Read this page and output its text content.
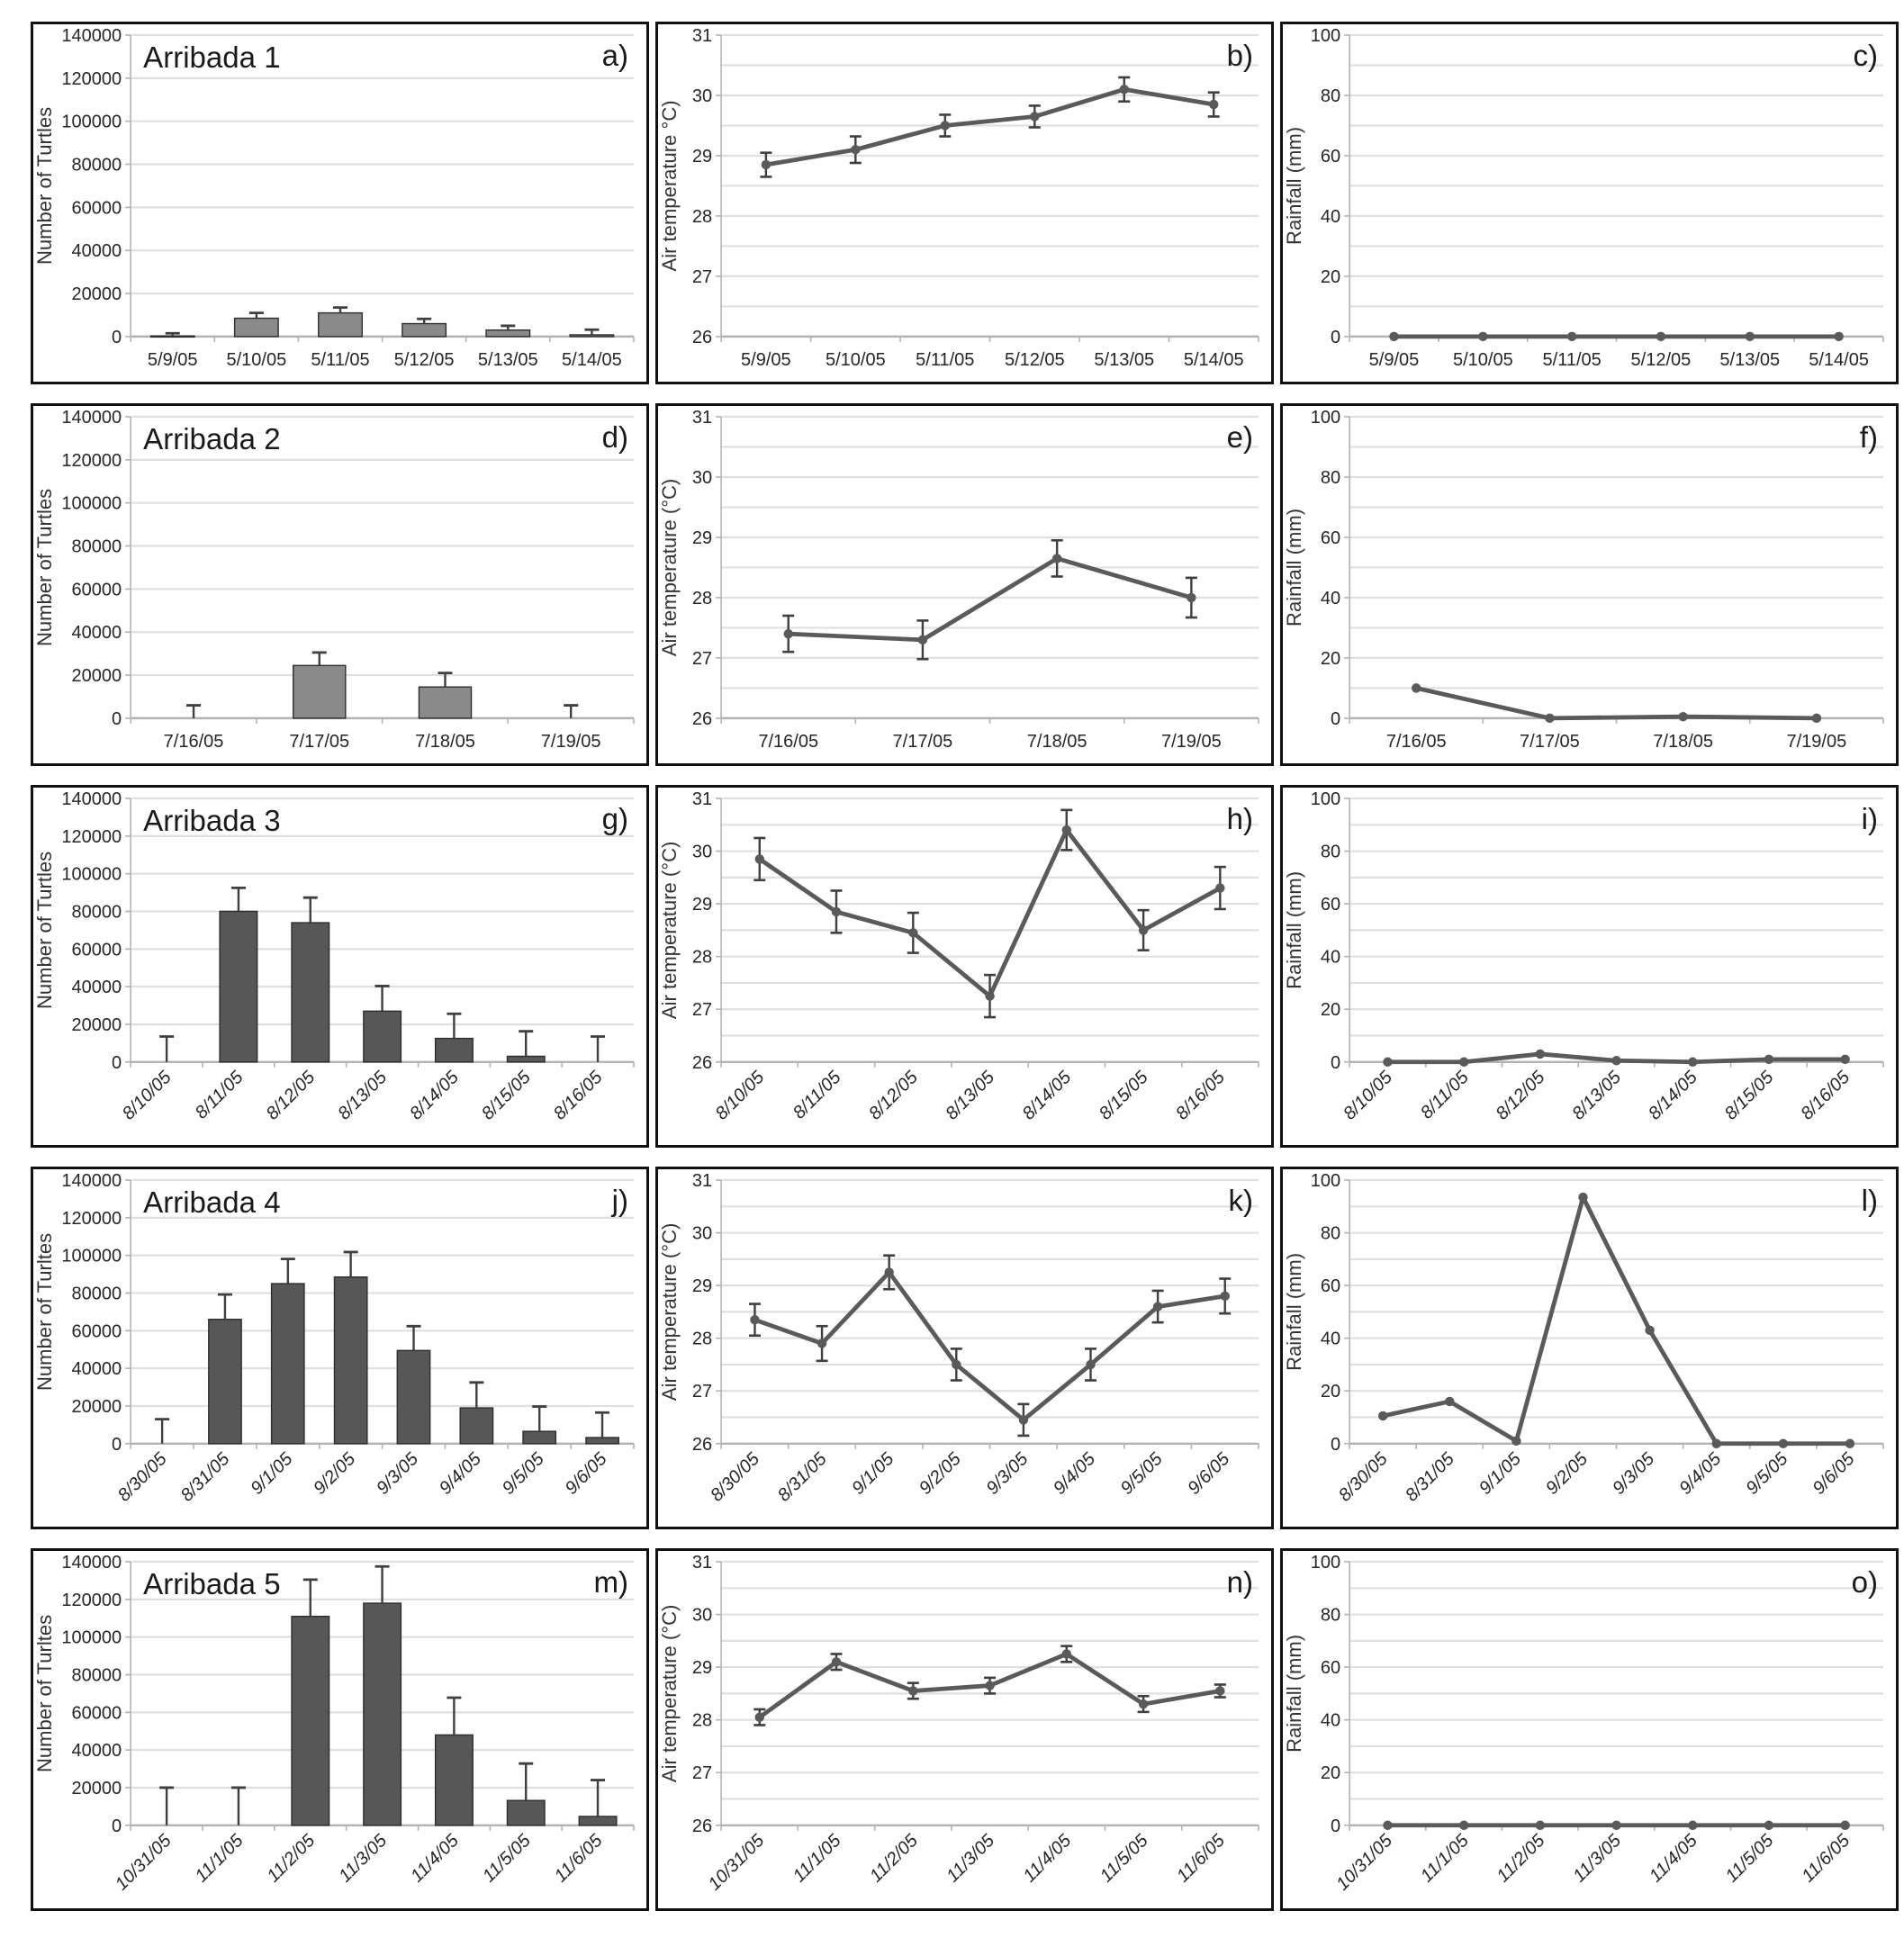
0
20000
40000
60000
80000
100000
120000
140000
5/9/05 5/10/05 5/11/05 5/12/05 5/13/05 5/14/05
Number of Turtles
Arribada 1	a)
26
27
28
29
30
31
5/9/05 5/10/05 5/11/05 5/12/05 5/13/05 5/14/05
Air temperature °C)
b)
0
20
40
60
80
100
5/9/05 5/10/05 5/11/05 5/12/05 5/13/05 5/14/05
Rainfall (mm)
c)
0
20000
40000
60000
80000
100000
120000
140000
7/16/05	7/17/05	7/18/05	7/19/05
Number of Turtles
Arribada 2	d)
26
27
28
29
30
31
7/16/05	7/17/05	7/18/05	7/19/05
Air temperature (°C)
e)
0
20
40
60
80
100
7/16/05	7/17/05	7/18/05	7/19/05
Rainfall (mm)
f)
0
20000
40000
60000
80000
100000
120000
140000
8/10/05 8/11/05 8/12/05 8/13/05 8/14/05 8/15/05 8/16/05
Number of Turtles
Arribada 3	g)
26
27
28
29
30
31
8/10/05 8/11/05 8/12/05 8/13/05 8/14/05 8/15/05 8/16/05
Air temperature (°C)
h)
0
20
40
60
80
100
8/10/05 8/11/05 8/12/05 8/13/05 8/14/05 8/15/05 8/16/05
Rainfall (mm)
i)
0
20000
40000
60000
80000
100000
120000
140000
8/30/05 8/31/05 9/1/05 9/2/05 9/3/05 9/4/05 9/5/05 9/6/05
Number of Turltes
Arribada 4	j)
26
27
28
29
30
31
8/30/05 8/31/05 9/1/05 9/2/05 9/3/05 9/4/05 9/5/05 9/6/05
Air temperature (°C)
k)
0
20
40
60
80
100
8/30/05 8/31/05 9/1/05 9/2/05 9/3/05 9/4/05 9/5/05 9/6/05
Rainfall (mm)
l)
0
20000
40000
60000
80000
100000
120000
140000
10/31/05 11/1/05 11/2/05 11/3/05 11/4/05 11/5/05 11/6/05
Number of Turltes
Arribada 5	m)
26
27
28
29
30
31
10/31/05 11/1/05 11/2/05 11/3/05 11/4/05 11/5/05 11/6/05
Air temperature (°C)
n)
0
20
40
60
80
100
10/31/05 11/1/05 11/2/05 11/3/05 11/4/05 11/5/05 11/6/05
Rainfall (mm)
o)
